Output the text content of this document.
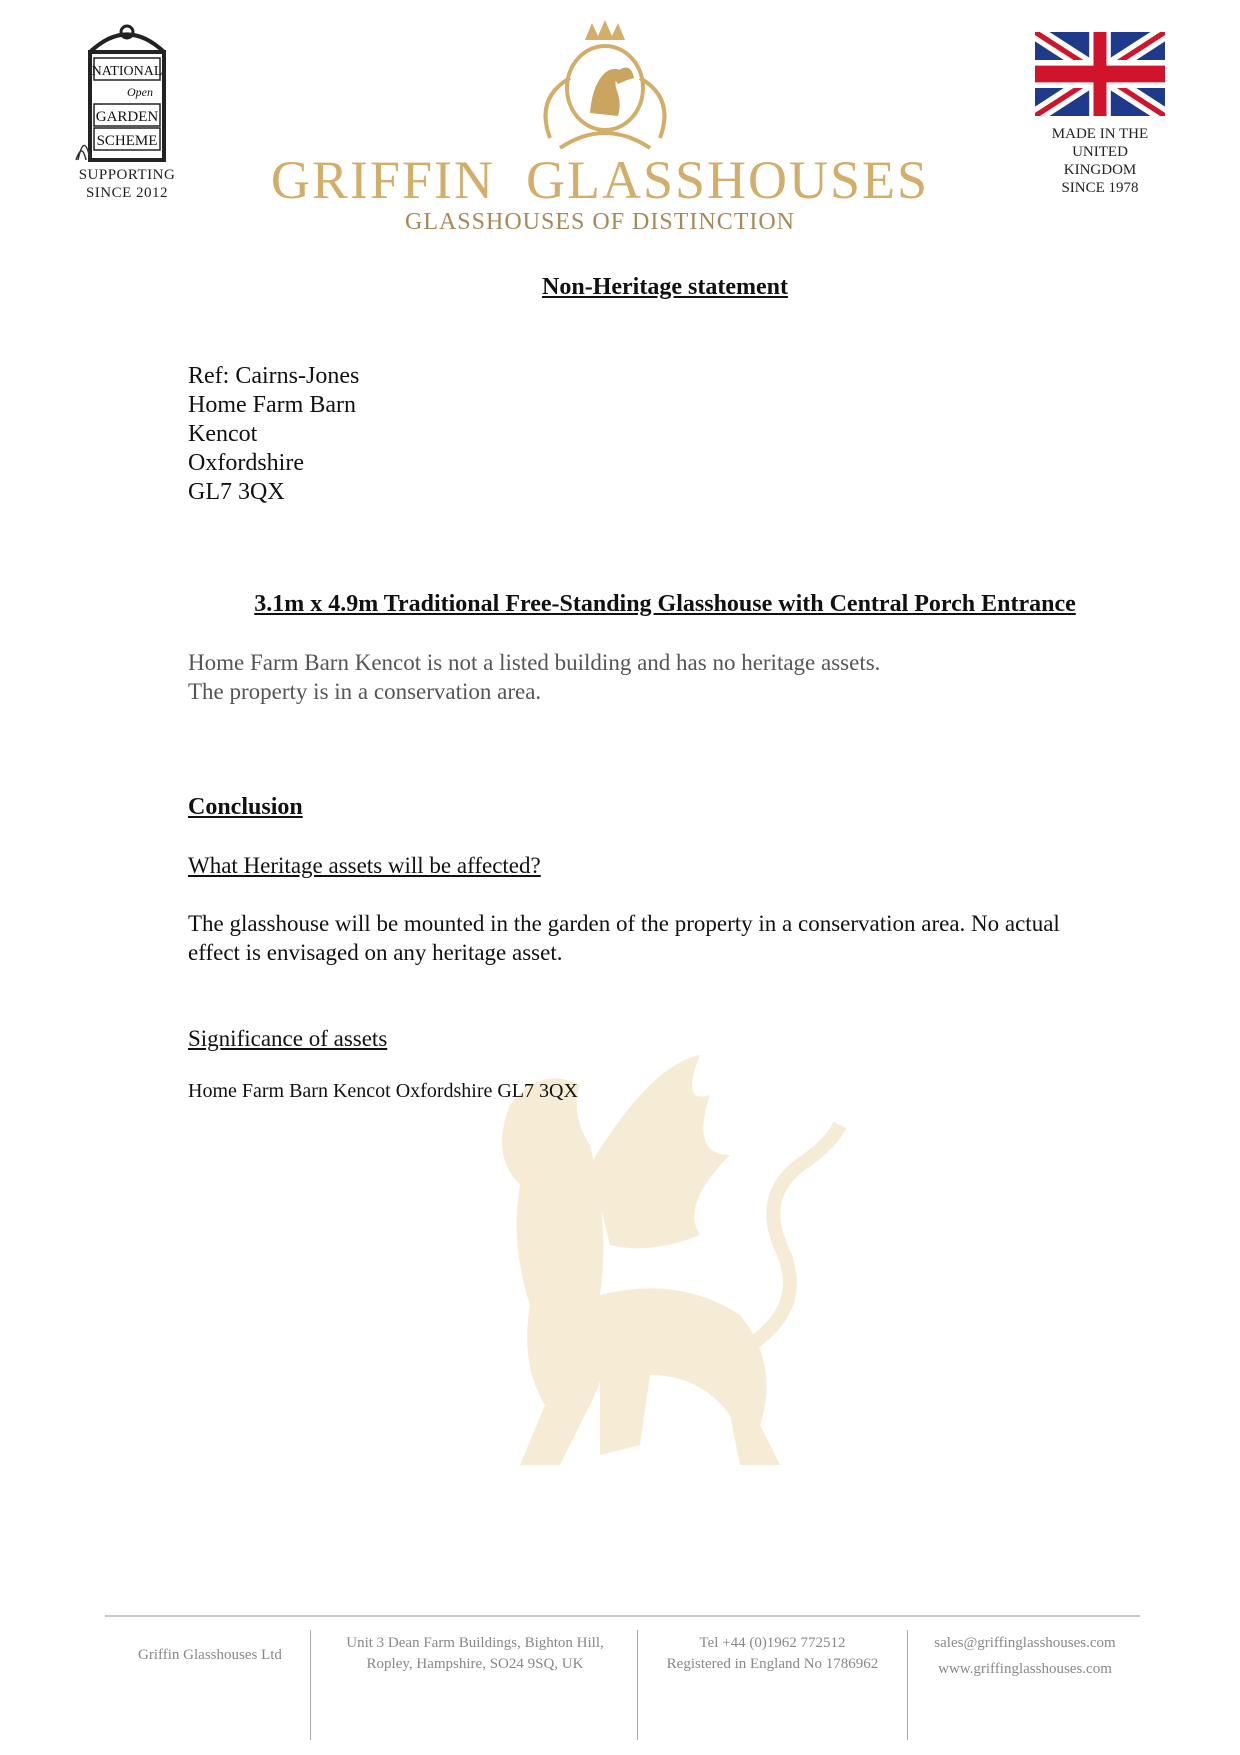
NATIONAL
Open
GARDEN
SCHEME
SUPPORTING
SINCE 2012	GRIFFIN  GLASSHOUSES
GLASSHOUSES OF DISTINCTION
MADE IN THE
UNITED
KINGDOM
SINCE 1978
Non-Heritage statement
Ref: Cairns-Jones
Home Farm Barn
Kencot
Oxfordshire
GL7 3QX
3.1m x 4.9m Traditional Free-Standing Glasshouse with Central Porch Entrance
Home Farm Barn Kencot is not a listed building and has no heritage assets.
The property is in a conservation area.
Conclusion
What Heritage assets will be affected?
The glasshouse will be mounted in the garden of the property in a conservation area. No actual
effect is envisaged on any heritage asset.
Significance of assets
Home Farm Barn Kencot Oxfordshire GL7 3QX
Griffin Glasshouses Ltd
Unit 3 Dean Farm Buildings, Bighton Hill,
Ropley, Hampshire, SO24 9SQ, UK
Tel +44 (0)1962 772512
Registered in England No 1786962
sales@griffinglasshouses.com
www.griffinglasshouses.com
